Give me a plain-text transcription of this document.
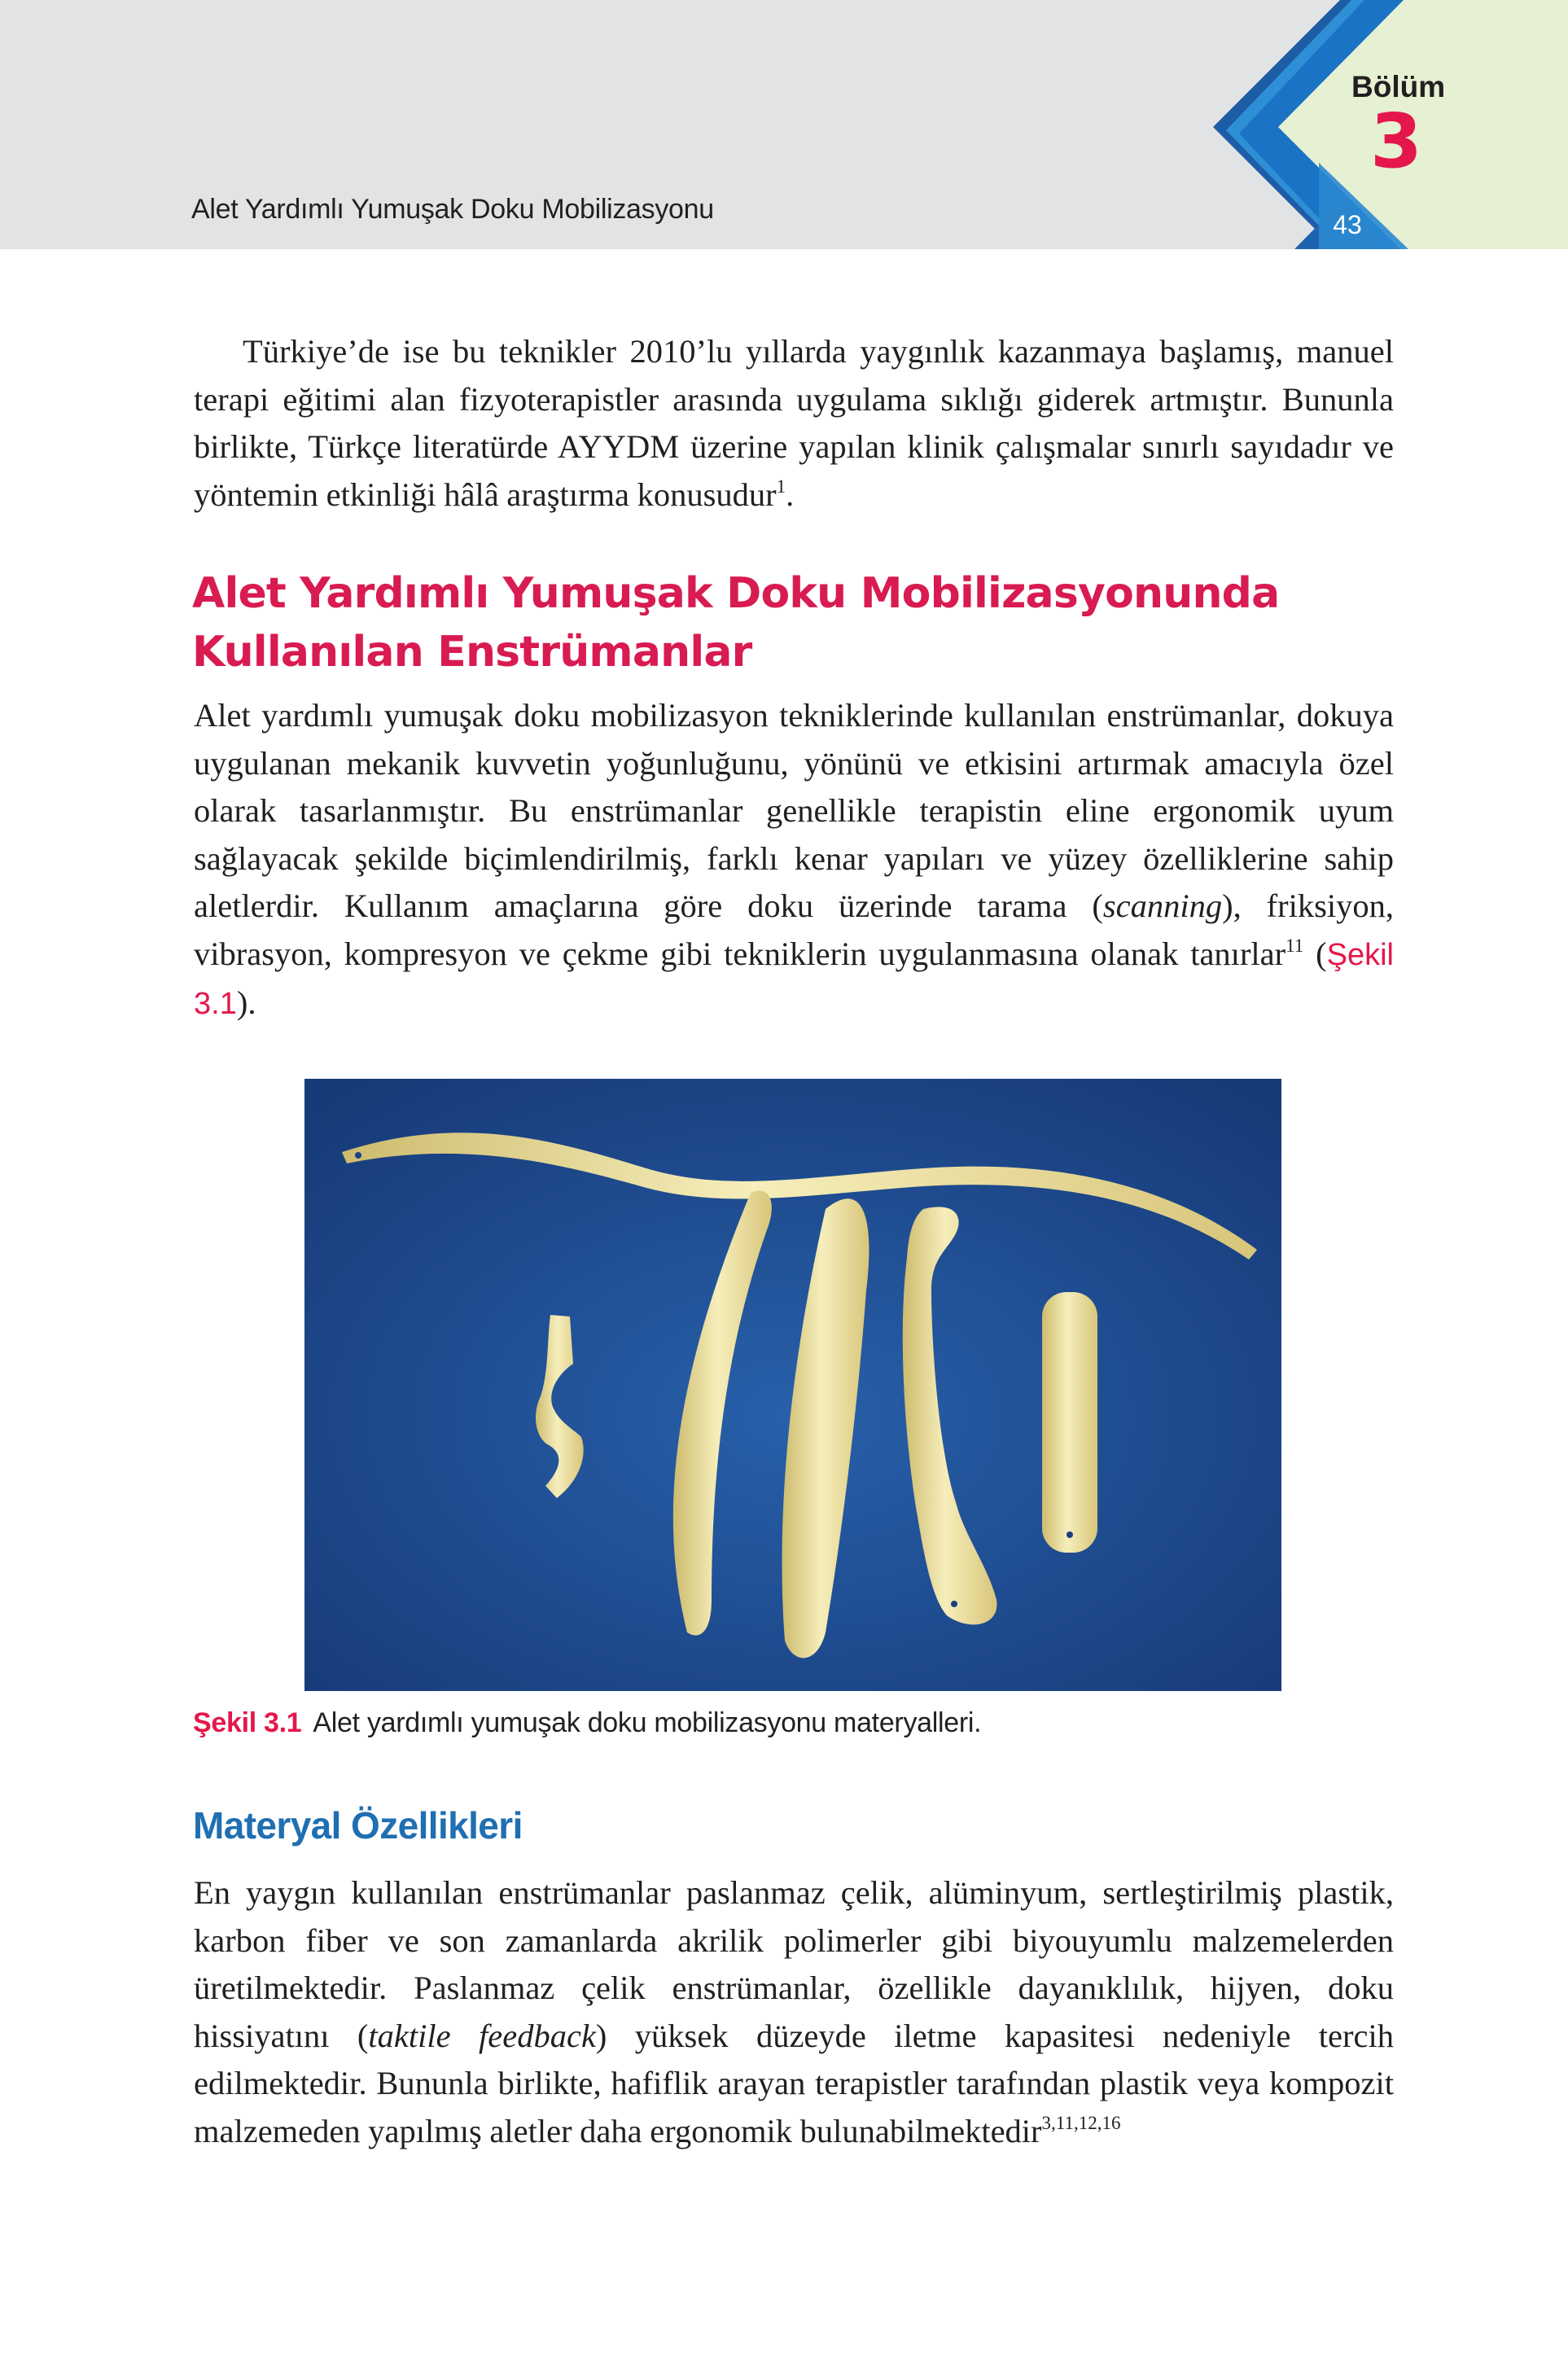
Alet Yardımlı Yumuşak Doku Mobilizasyonu
Bölüm
3
43

Türkiye’de ise bu teknikler 2010’lu yıllarda yaygınlık kazanmaya başlamış, manuel terapi eğitimi alan fizyoterapistler arasında uygulama sıklığı giderek artmıştır. Bununla birlikte, Türkçe literatürde AYYDM üzerine yapılan klinik çalışmalar sınırlı sayıdadır ve yöntemin etkinliği hâlâ araştırma konusudur$^1$.

Alet Yardımlı Yumuşak Doku Mobilizasyonunda Kullanılan Enstrümanlar

Alet yardımlı yumuşak doku mobilizasyon tekniklerinde kullanılan enstrümanlar, dokuya uygulanan mekanik kuvvetin yoğunluğunu, yönünü ve etkisini artırmak amacıyla özel olarak tasarlanmıştır. Bu enstrümanlar genellikle terapistin eline ergonomik uyum sağlayacak şekilde biçimlendirilmiş, farklı kenar yapıları ve yüzey özelliklerine sahip aletlerdir. Kullanım amaçlarına göre doku üzerinde tarama (scanning), friksiyon, vibrasyon, kompresyon ve çekme gibi tekniklerin uygulanmasına olanak tanırlar$^{11}$ (Şekil 3.1).

Şekil 3.1 Alet yardımlı yumuşak doku mobilizasyonu materyalleri.
Materyal Özellikleri

En yaygın kullanılan enstrümanlar paslanmaz çelik, alüminyum, sertleştirilmiş plastik, karbon fiber ve son zamanlarda akrilik polimerler gibi biyouyumlu malzemelerden üretilmektedir. Paslanmaz çelik enstrümanlar, özellikle dayanıklılık, hijyen, doku hissiyatını (taktile feedback) yüksek düzeyde iletme kapasitesi nedeniyle tercih edilmektedir. Bununla birlikte, hafiflik arayan terapistler tarafından plastik veya kompozit malzemeden yapılmış aletler daha ergonomik bulunabilmektedir$^{3,11,12,16}$
